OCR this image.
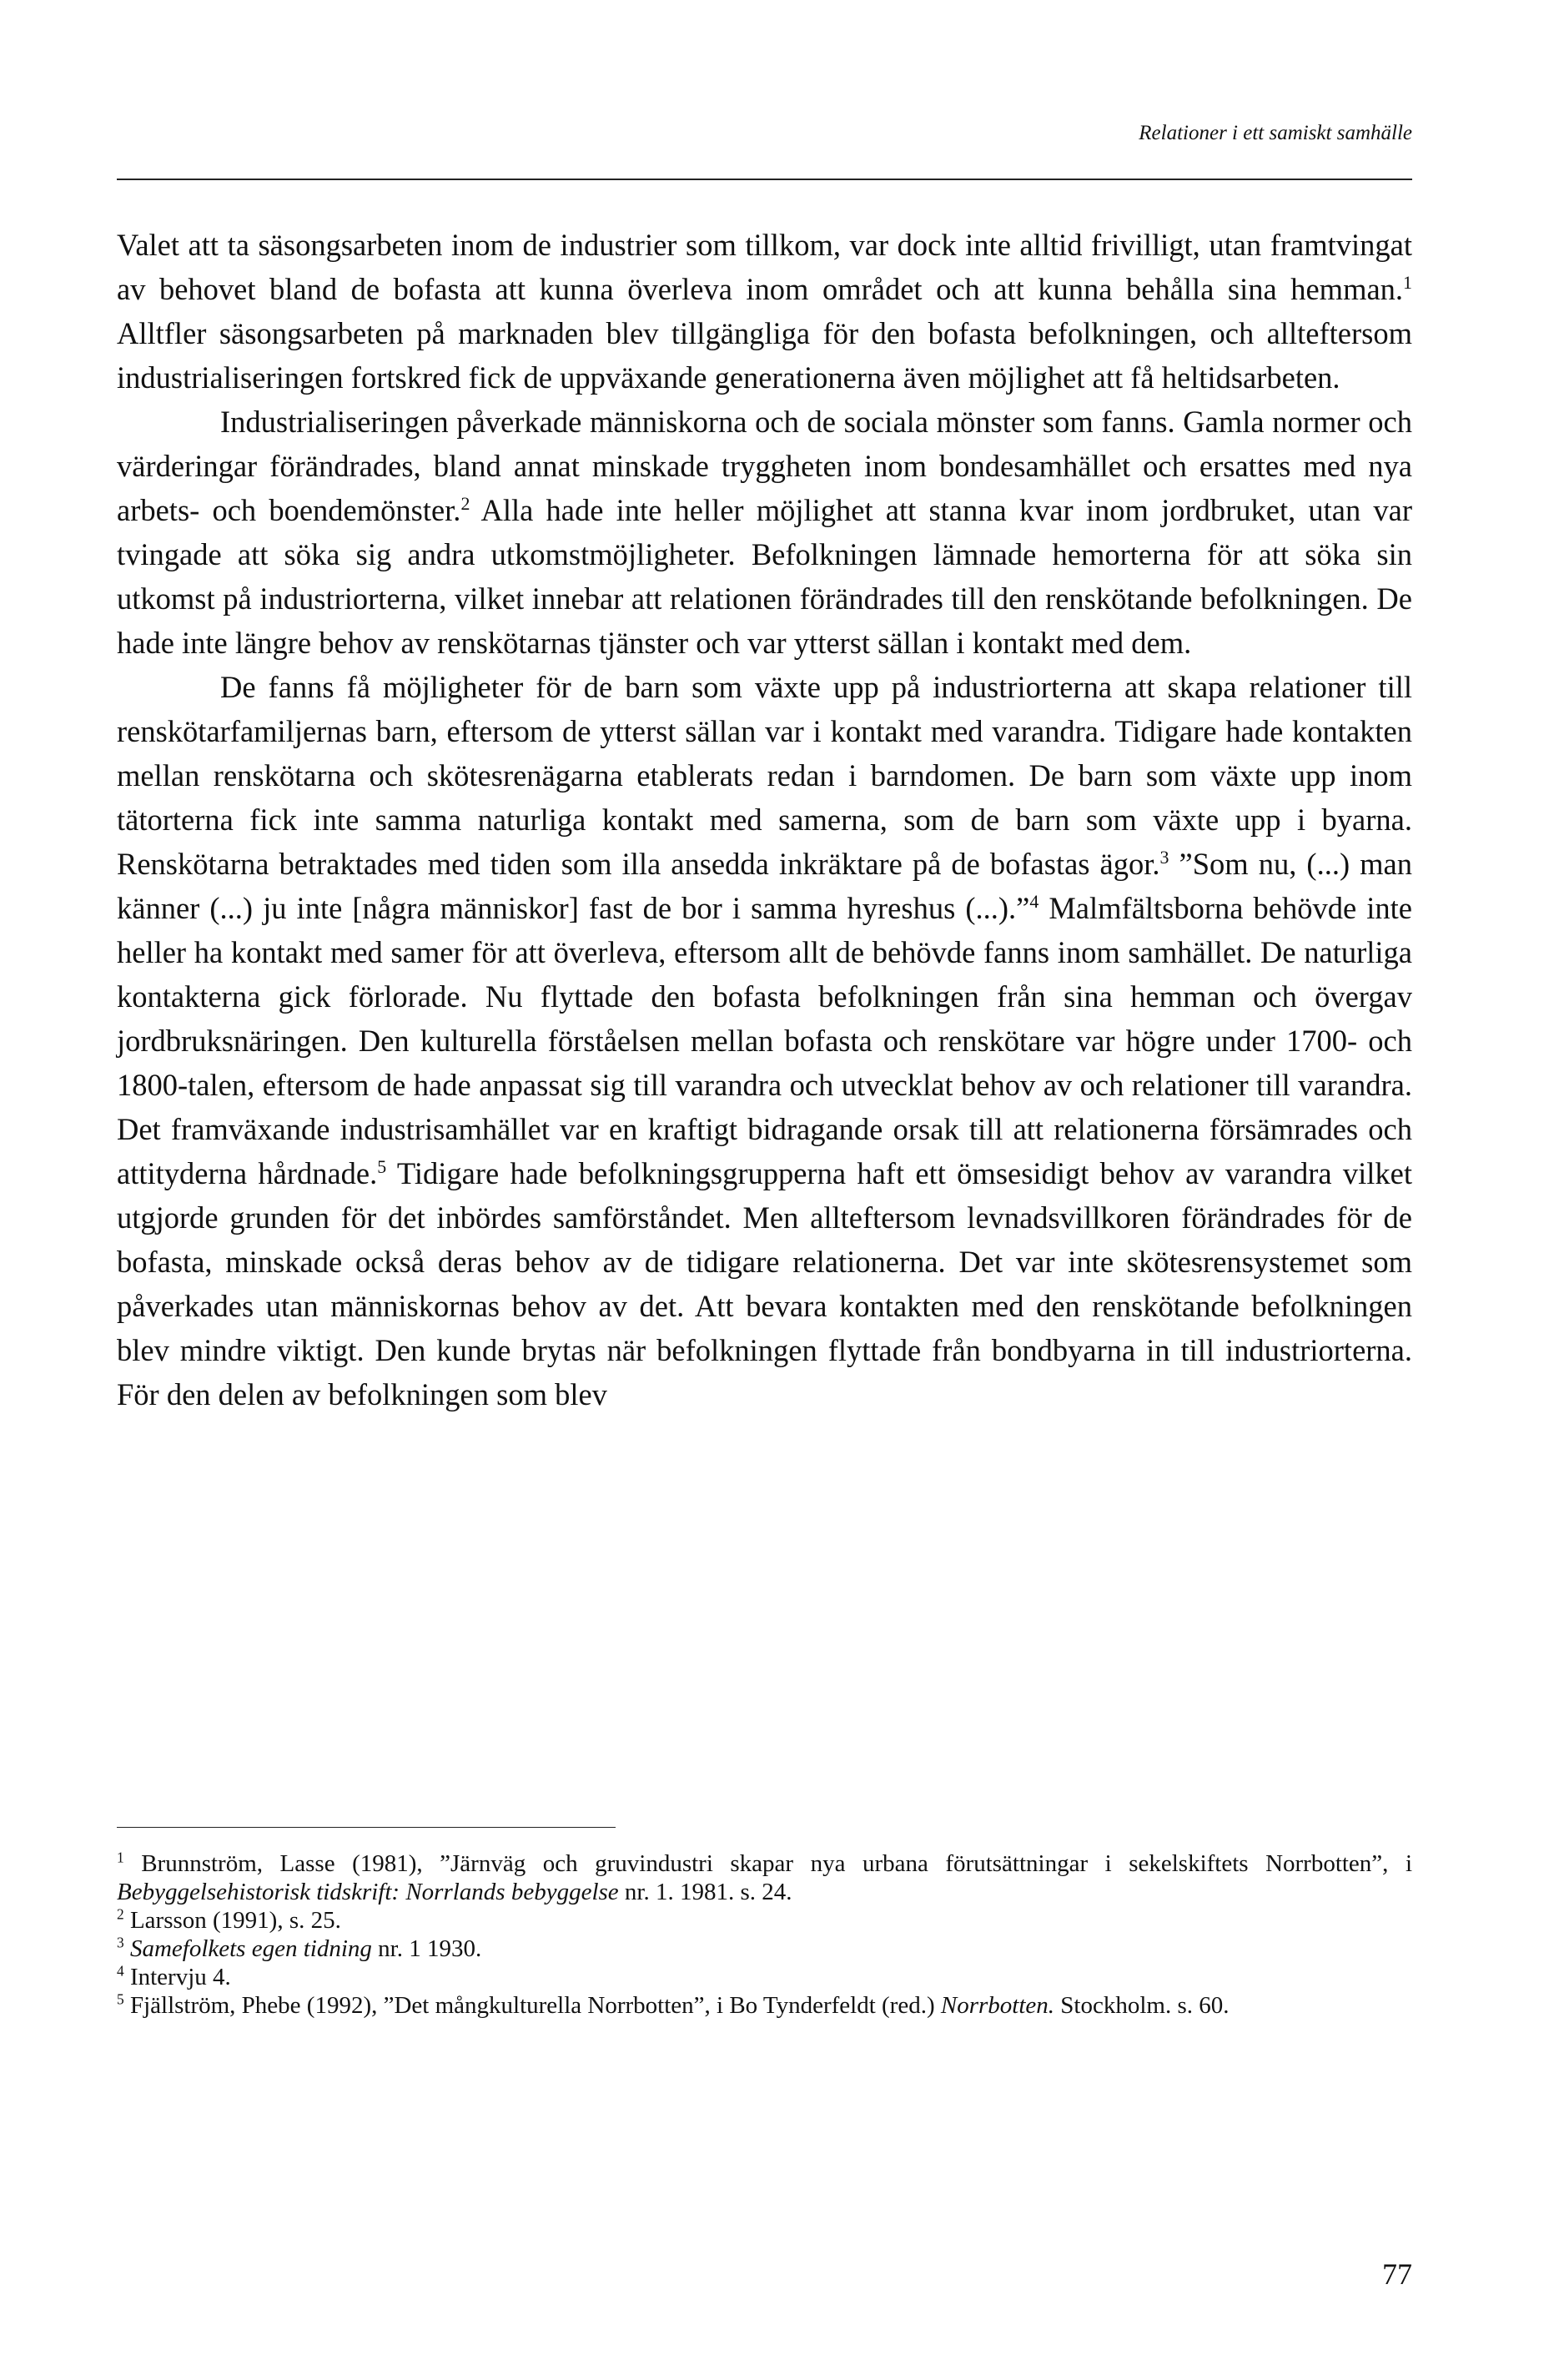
Relationer i ett samiskt samhälle

Valet att ta säsongsarbeten inom de industrier som tillkom, var dock inte alltid frivilligt, utan framtvingat av behovet bland de bofasta att kunna överleva inom området och att kunna behålla sina hemman.$^1$ Alltfler säsongsarbeten på marknaden blev tillgängliga för den bofasta befolkningen, och allteftersom industrialiseringen fortskred fick de uppväxande generationerna även möjlighet att få heltidsarbeten.

Industrialiseringen påverkade människorna och de sociala mönster som fanns. Gamla normer och värderingar förändrades, bland annat minskade tryggheten inom bondesamhället och ersattes med nya arbets- och boendemönster.$^2$ Alla hade inte heller möjlighet att stanna kvar inom jordbruket, utan var tvingade att söka sig andra utkomstmöjligheter. Befolkningen lämnade hemorterna för att söka sin utkomst på industriorterna, vilket innebar att relationen förändrades till den renskötande befolkningen. De hade inte längre behov av renskötarnas tjänster och var ytterst sällan i kontakt med dem.

De fanns få möjligheter för de barn som växte upp på industriorterna att skapa relationer till renskötarfamiljernas barn, eftersom de ytterst sällan var i kontakt med varandra. Tidigare hade kontakten mellan renskötarna och skötesrenägarna etablerats redan i barndomen. De barn som växte upp inom tätorterna fick inte samma naturliga kontakt med samerna, som de barn som växte upp i byarna. Renskötarna betraktades med tiden som illa ansedda inkräktare på de bofastas ägor.$^3$ ”Som nu, (...) man känner (...) ju inte [några människor] fast de bor i samma hyreshus (...).”$^4$ Malmfältsborna behövde inte heller ha kontakt med samer för att överleva, eftersom allt de behövde fanns inom samhället. De naturliga kontakterna gick förlorade. Nu flyttade den bofasta befolkningen från sina hemman och övergav jordbruksnäringen. Den kulturella förståelsen mellan bofasta och renskötare var högre under 1700- och 1800-talen, eftersom de hade anpassat sig till varandra och utvecklat behov av och relationer till varandra. Det framväxande industrisamhället var en kraftigt bidragande orsak till att relationerna försämrades och attityderna hårdnade.$^5$ Tidigare hade befolkningsgrupperna haft ett ömsesidigt behov av varandra vilket utgjorde grunden för det inbördes samförståndet. Men allteftersom levnadsvillkoren förändrades för de bofasta, minskade också deras behov av de tidigare relationerna. Det var inte skötesrensystemet som påverkades utan människornas behov av det. Att bevara kontakten med den renskötande befolkningen blev mindre viktigt. Den kunde brytas när befolkningen flyttade från bondbyarna in till industriorterna. För den delen av befolkningen som blev

$^1$ Brunnström, Lasse (1981), ”Järnväg och gruvindustri skapar nya urbana förutsättningar i sekelskiftets Norrbotten”, i Bebyggelsehistorisk tidskrift: Norrlands bebyggelse nr. 1. 1981. s. 24.

$^2$ Larsson (1991), s. 25.

$^3$ Samefolkets egen tidning nr. 1 1930.

$^4$ Intervju 4.

$^5$ Fjällström, Phebe (1992), ”Det mångkulturella Norrbotten”, i Bo Tynderfeldt (red.) Norrbotten. Stockholm. s. 60.

77
